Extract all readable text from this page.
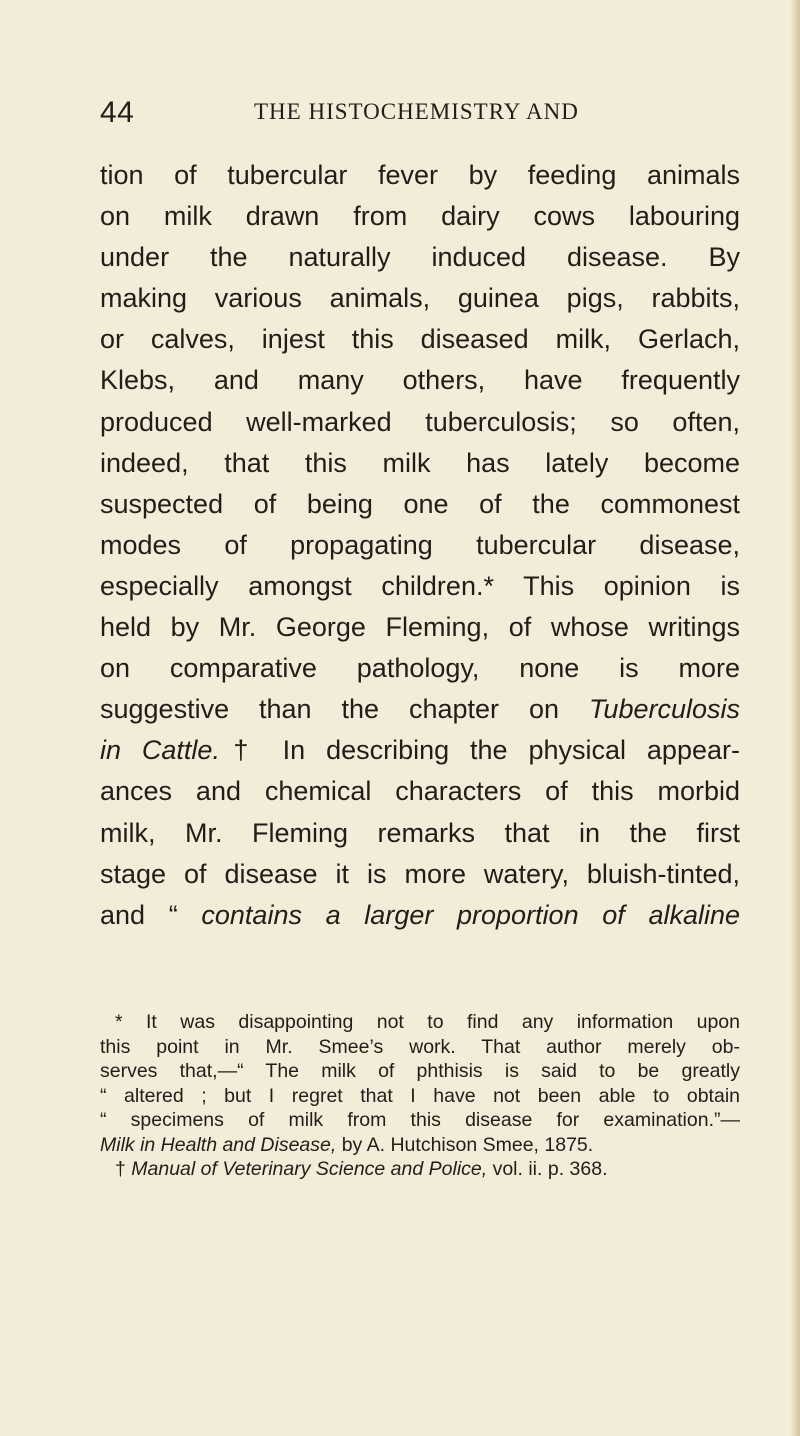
44	THE HISTOCHEMISTRY AND
tion of tubercular fever by feeding animals
on milk drawn from dairy cows labouring
under the naturally induced disease. By
making various animals, guinea pigs, rabbits,
or calves, injest this diseased milk, Gerlach,
Klebs, and many others, have frequently
produced well-marked tuberculosis; so often,
indeed, that this milk has lately become
suspected of being one of the commonest
modes of propagating tubercular disease,
especially amongst children.* This opinion is
held by Mr. George Fleming, of whose writings
on comparative pathology, none is more
suggestive than the chapter on Tuberculosis
in Cattle.† In describing the physical appear-
ances and chemical characters of this morbid
milk, Mr. Fleming remarks that in the first
stage of disease it is more watery, bluish-tinted,
and “ contains a larger proportion of alkaline
* It was disappointing not to find any information upon
this point in Mr. Smee’s work. That author merely ob-
serves that,—“ The milk of phthisis is said to be greatly
“ altered ; but I regret that I have not been able to obtain
“ specimens of milk from this disease for examination.”—
Milk in Health and Disease, by A. Hutchison Smee, 1875.
† Manual of Veterinary Science and Police, vol. ii. p. 368.
